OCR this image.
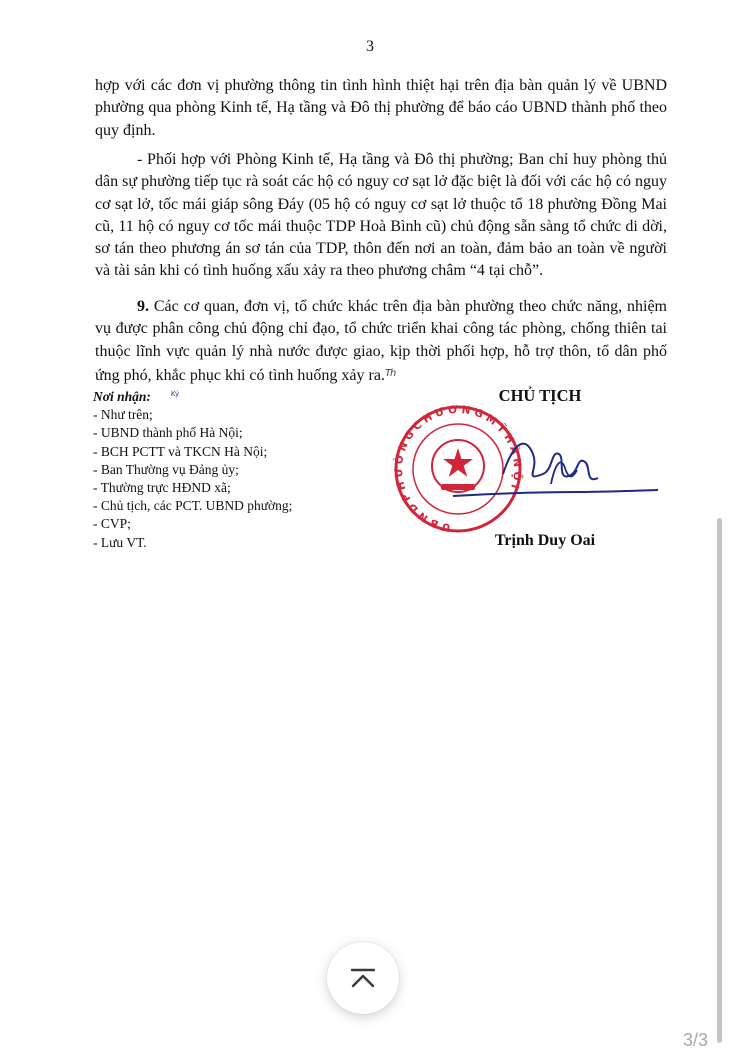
3

hợp với các đơn vị phường thông tin tình hình thiệt hại trên địa bàn quản lý về UBND phường qua phòng Kinh tế, Hạ tầng và Đô thị phường để báo cáo UBND thành phố theo quy định.

- Phối hợp với Phòng Kinh tế, Hạ tầng và Đô thị phường; Ban chỉ huy phòng thủ dân sự phường tiếp tục rà soát các hộ có nguy cơ sạt lở đặc biệt là đối với các hộ có nguy cơ sạt lở, tốc mái giáp sông Đáy (05 hộ có nguy cơ sạt lở thuộc tổ 18 phường Đồng Mai cũ, 11 hộ có nguy cơ tốc mái thuộc TDP Hoà Bình cũ) chủ động sẵn sàng tổ chức di dời, sơ tán theo phương án sơ tán của TDP, thôn đến nơi an toàn, đảm bảo an toàn về người và tài sản khi có tình huống xấu xảy ra theo phương châm “4 tại chỗ”.

9. Các cơ quan, đơn vị, tổ chức khác trên địa bàn phường theo chức năng, nhiệm vụ được phân công chủ động chỉ đạo, tổ chức triển khai công tác phòng, chống thiên tai thuộc lĩnh vực quản lý nhà nước được giao, kịp thời phối hợp, hỗ trợ thôn, tổ dân phố ứng phó, khắc phục khi có tình huống xảy ra.$^{Th}$

Nơi nhận:	$^{Ký}$
- Như trên;
- UBND thành phố Hà Nội;
- BCH PCTT và TKCN Hà Nội;
- Ban Thường vụ Đảng ủy;
- Thường trực HĐND xã;
- Chủ tịch, các PCT. UBND phường;
- CVP;
- Lưu VT.
CHỦ TỊCH
U B N D P H Ư Ờ N G C H Ư Ơ N G M Ỹ H À N Ộ I
Trịnh Duy Oai
3/3
